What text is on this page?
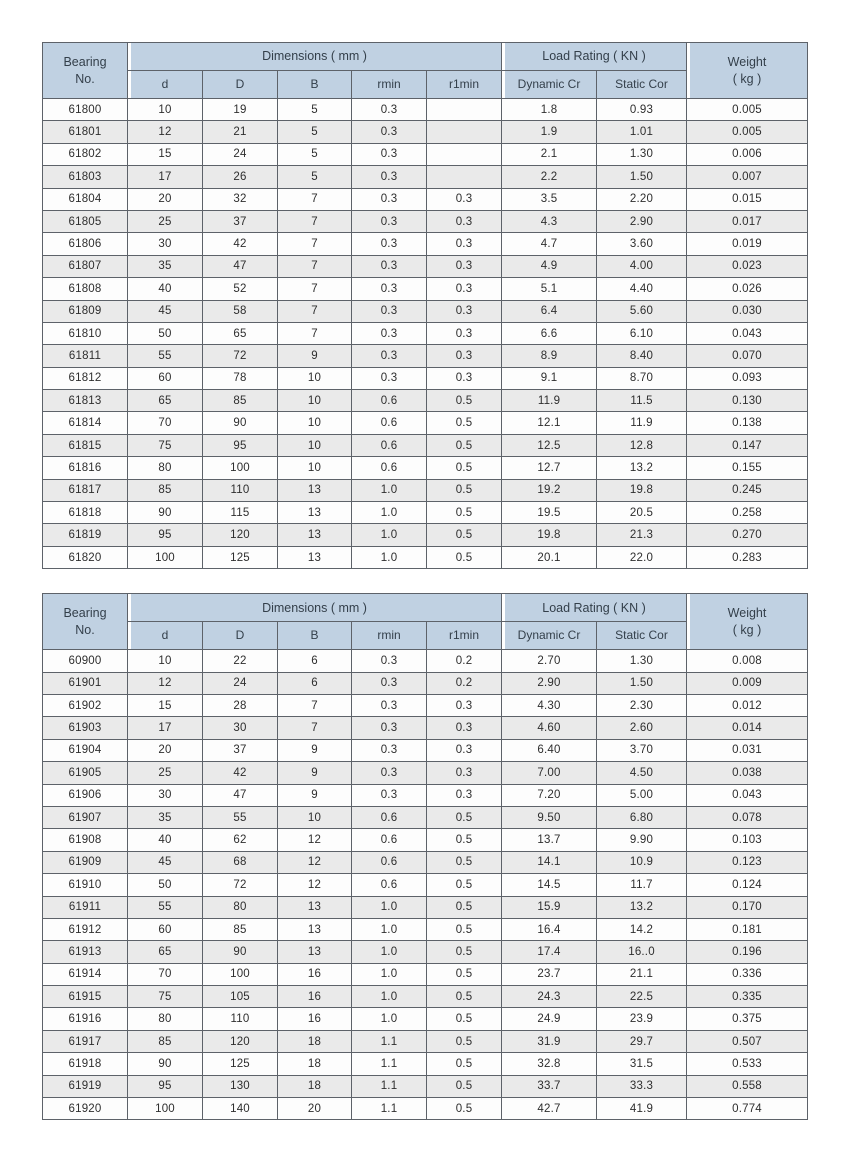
Bearing
No.	Dimensions ( mm )					Load Rating ( KN )		Weight
( kg )
	d	D	B	rmin	r1min	Dynamic Cr	Static Cor	
61800	10	19	5	0.3		1.8	0.93	0.005
61801	12	21	5	0.3		1.9	1.01	0.005
61802	15	24	5	0.3		2.1	1.30	0.006
61803	17	26	5	0.3		2.2	1.50	0.007
61804	20	32	7	0.3	0.3	3.5	2.20	0.015
61805	25	37	7	0.3	0.3	4.3	2.90	0.017
61806	30	42	7	0.3	0.3	4.7	3.60	0.019
61807	35	47	7	0.3	0.3	4.9	4.00	0.023
61808	40	52	7	0.3	0.3	5.1	4.40	0.026
61809	45	58	7	0.3	0.3	6.4	5.60	0.030
61810	50	65	7	0.3	0.3	6.6	6.10	0.043
61811	55	72	9	0.3	0.3	8.9	8.40	0.070
61812	60	78	10	0.3	0.3	9.1	8.70	0.093
61813	65	85	10	0.6	0.5	11.9	11.5	0.130
61814	70	90	10	0.6	0.5	12.1	11.9	0.138
61815	75	95	10	0.6	0.5	12.5	12.8	0.147
61816	80	100	10	0.6	0.5	12.7	13.2	0.155
61817	85	110	13	1.0	0.5	19.2	19.8	0.245
61818	90	115	13	1.0	0.5	19.5	20.5	0.258
61819	95	120	13	1.0	0.5	19.8	21.3	0.270
61820	100	125	13	1.0	0.5	20.1	22.0	0.283
Bearing
No.	Dimensions ( mm )					Load Rating ( KN )		Weight
( kg )
	d	D	B	rmin	r1min	Dynamic Cr	Static Cor	
60900	10	22	6	0.3	0.2	2.70	1.30	0.008
61901	12	24	6	0.3	0.2	2.90	1.50	0.009
61902	15	28	7	0.3	0.3	4.30	2.30	0.012
61903	17	30	7	0.3	0.3	4.60	2.60	0.014
61904	20	37	9	0.3	0.3	6.40	3.70	0.031
61905	25	42	9	0.3	0.3	7.00	4.50	0.038
61906	30	47	9	0.3	0.3	7.20	5.00	0.043
61907	35	55	10	0.6	0.5	9.50	6.80	0.078
61908	40	62	12	0.6	0.5	13.7	9.90	0.103
61909	45	68	12	0.6	0.5	14.1	10.9	0.123
61910	50	72	12	0.6	0.5	14.5	11.7	0.124
61911	55	80	13	1.0	0.5	15.9	13.2	0.170
61912	60	85	13	1.0	0.5	16.4	14.2	0.181
61913	65	90	13	1.0	0.5	17.4	16..0	0.196
61914	70	100	16	1.0	0.5	23.7	21.1	0.336
61915	75	105	16	1.0	0.5	24.3	22.5	0.335
61916	80	110	16	1.0	0.5	24.9	23.9	0.375
61917	85	120	18	1.1	0.5	31.9	29.7	0.507
61918	90	125	18	1.1	0.5	32.8	31.5	0.533
61919	95	130	18	1.1	0.5	33.7	33.3	0.558
61920	100	140	20	1.1	0.5	42.7	41.9	0.774
